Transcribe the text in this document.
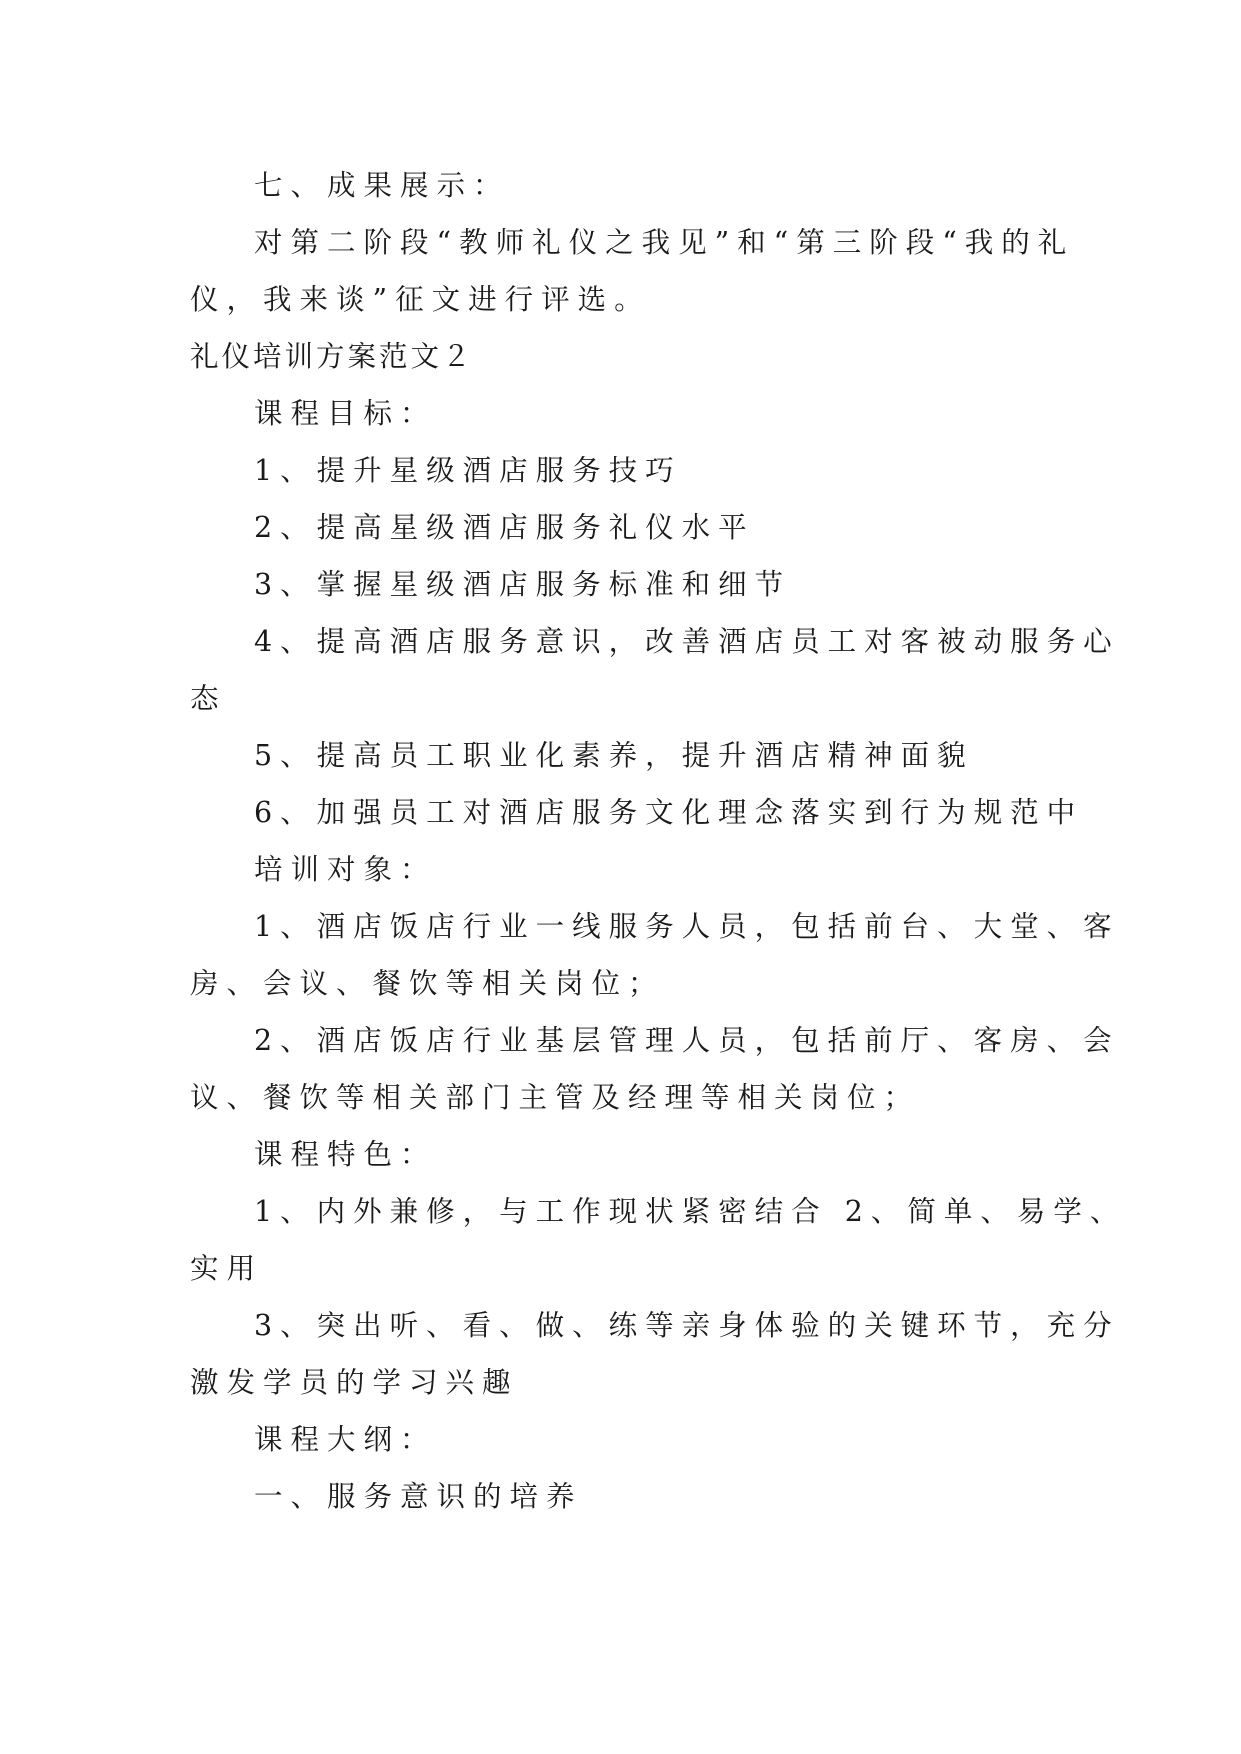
七、成果展示：

对第二阶段“教师礼仪之我见”和“第三阶段“我的礼

仪，我来谈”征文进行评选。

礼仪培训方案范文２

课程目标：

1、提升星级酒店服务技巧

2、提高星级酒店服务礼仪水平

3、掌握星级酒店服务标准和细节

4、提高酒店服务意识，改善酒店员工对客被动服务心

态

5、提高员工职业化素养，提升酒店精神面貌

6、加强员工对酒店服务文化理念落实到行为规范中

培训对象：

1、酒店饭店行业一线服务人员，包括前台、大堂、客

房、会议、餐饮等相关岗位；

2、酒店饭店行业基层管理人员，包括前厅、客房、会

议、餐饮等相关部门主管及经理等相关岗位；

课程特色：

1、内外兼修，与工作现状紧密结合 2、简单、易学、

实用

3、突出听、看、做、练等亲身体验的关键环节，充分

激发学员的学习兴趣

课程大纲：

一、服务意识的培养
